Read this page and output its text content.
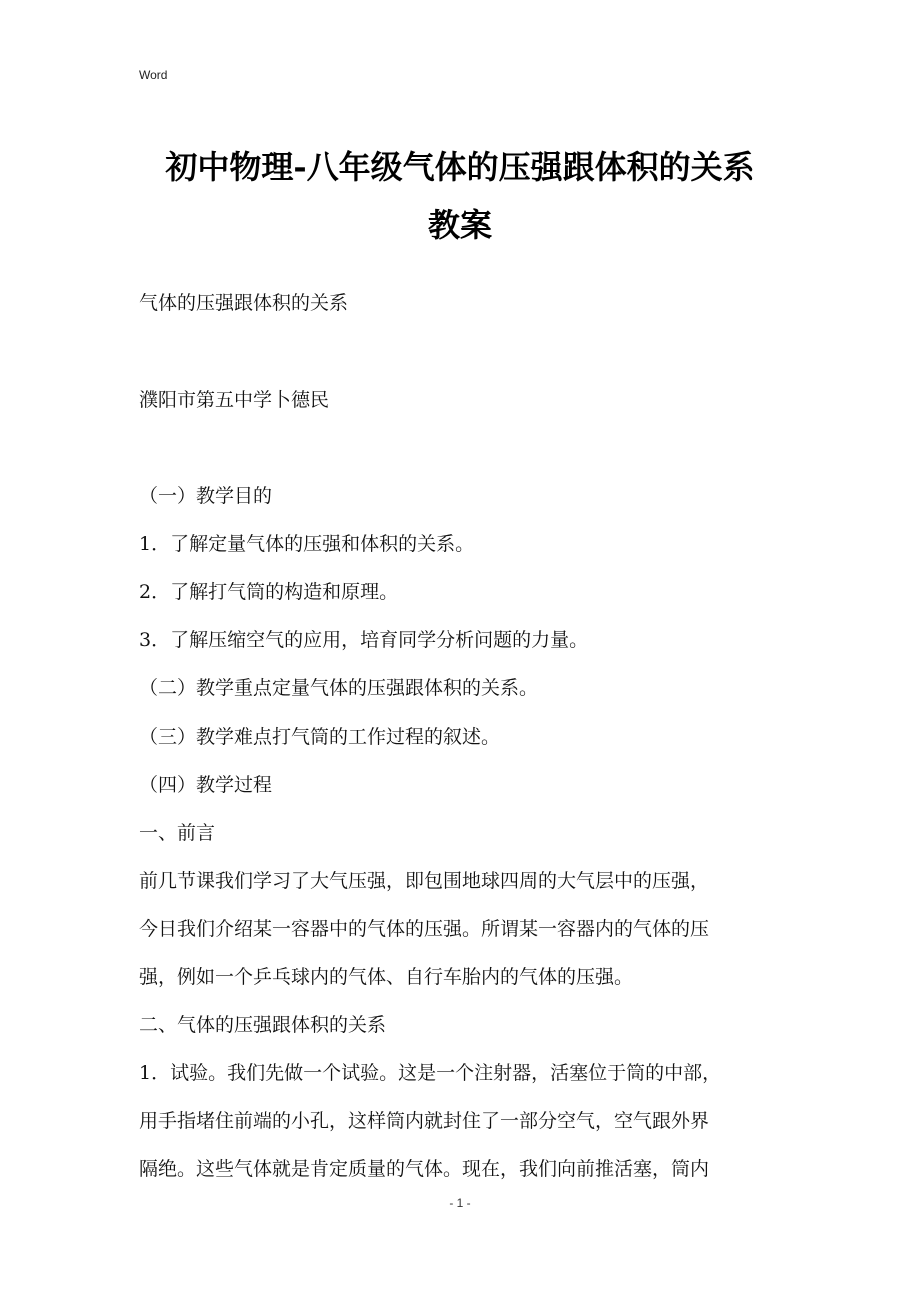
Word
初中物理-八年级气体的压强跟体积的关系
教案
气体的压强跟体积的关系
濮阳市第五中学卜德民
（一）教学目的
1．了解定量气体的压强和体积的关系。
2．了解打气筒的构造和原理。
3．了解压缩空气的应用，培育同学分析问题的力量。
（二）教学重点定量气体的压强跟体积的关系。
（三）教学难点打气筒的工作过程的叙述。
（四）教学过程
一、前言
前几节课我们学习了大气压强，即包围地球四周的大气层中的压强，
今日我们介绍某一容器中的气体的压强。所谓某一容器内的气体的压
强，例如一个乒乓球内的气体、自行车胎内的气体的压强。
二、气体的压强跟体积的关系
1．试验。我们先做一个试验。这是一个注射器，活塞位于筒的中部，
用手指堵住前端的小孔，这样筒内就封住了一部分空气，空气跟外界
隔绝。这些气体就是肯定质量的气体。现在，我们向前推活塞，筒内
- 1 -
